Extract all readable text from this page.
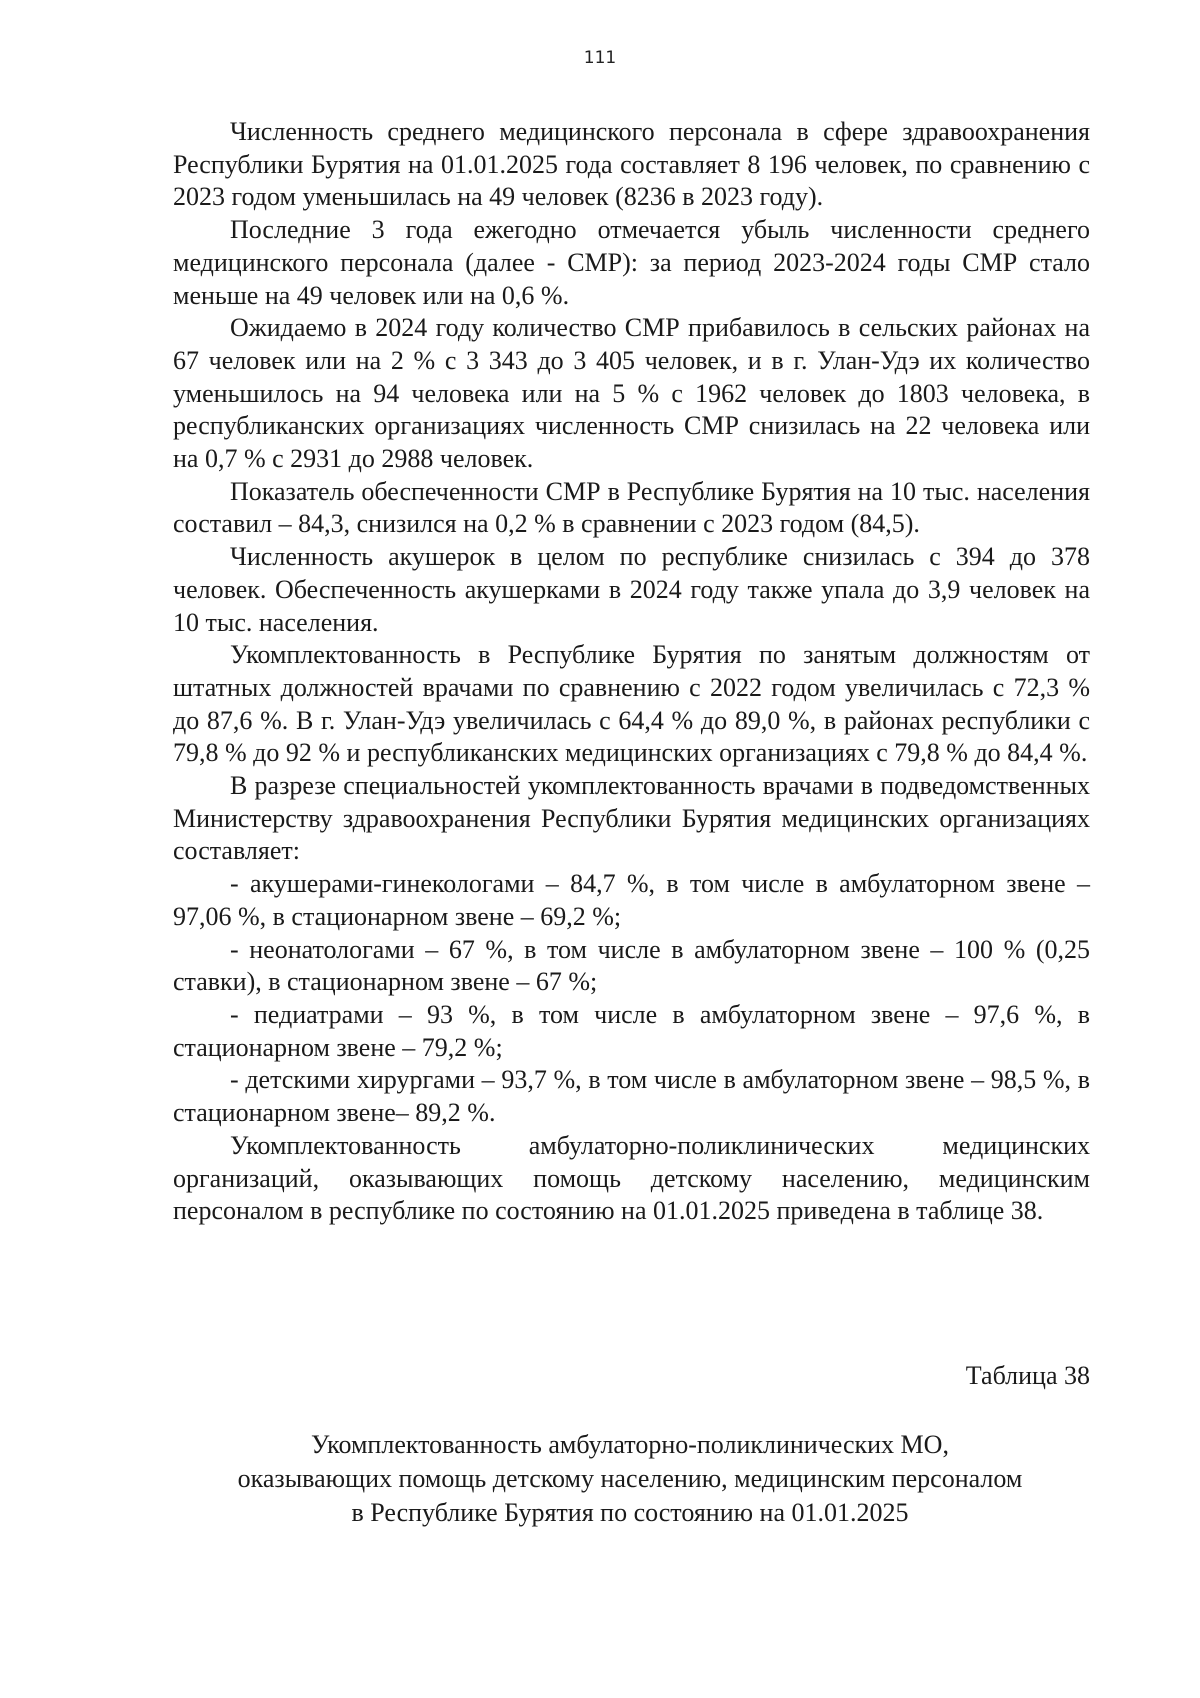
111

Численность среднего медицинского персонала в сфере здравоохранения Республики Бурятия на 01.01.2025 года составляет 8 196 человек, по сравнению с 2023 годом уменьшилась на 49 человек (8236 в 2023 году).

Последние 3 года ежегодно отмечается убыль численности среднего медицинского персонала (далее - СМР): за период 2023-2024 годы СМР стало меньше на 49 человек или на 0,6 %.

Ожидаемо в 2024 году количество СМР прибавилось в сельских районах на 67 человек или на 2 % с 3 343 до 3 405 человек, и в г. Улан-Удэ их количество уменьшилось на 94 человека или на 5 % с 1962 человек до 1803 человека, в республиканских организациях численность СМР снизилась на 22 человека или на 0,7 % с 2931 до 2988 человек.

Показатель обеспеченности СМР в Республике Бурятия на 10 тыс. населения составил – 84,3, снизился на 0,2 % в сравнении с 2023 годом (84,5).

Численность акушерок в целом по республике снизилась с 394 до 378 человек. Обеспеченность акушерками в 2024 году также упала до 3,9 человек на 10 тыс. населения.

Укомплектованность в Республике Бурятия по занятым должностям от штатных должностей врачами по сравнению с 2022 годом увеличилась с 72,3 % до 87,6 %. В г. Улан-Удэ увеличилась с 64,4 % до 89,0 %, в районах республики с 79,8 % до 92 % и республиканских медицинских организациях с 79,8 % до 84,4 %.

В разрезе специальностей укомплектованность врачами в подведомственных Министерству здравоохранения Республики Бурятия медицинских организациях составляет:

- акушерами-гинекологами – 84,7 %, в том числе в амбулаторном звене – 97,06 %, в стационарном звене – 69,2 %;

- неонатологами – 67 %, в том числе в амбулаторном звене – 100 % (0,25 ставки), в стационарном звене – 67 %;

- педиатрами – 93 %, в том числе в амбулаторном звене – 97,6 %, в стационарном звене – 79,2 %;

- детскими хирургами – 93,7 %, в том числе в амбулаторном звене – 98,5 %, в стационарном звене– 89,2 %.

Укомплектованность амбулаторно-поликлинических медицинских организаций, оказывающих помощь детскому населению, медицинским персоналом в республике по состоянию на 01.01.2025 приведена в таблице 38.

Таблица 38
Укомплектованность амбулаторно-поликлинических МО,
оказывающих помощь детскому населению, медицинским персоналом
в Республике Бурятия по состоянию на 01.01.2025
